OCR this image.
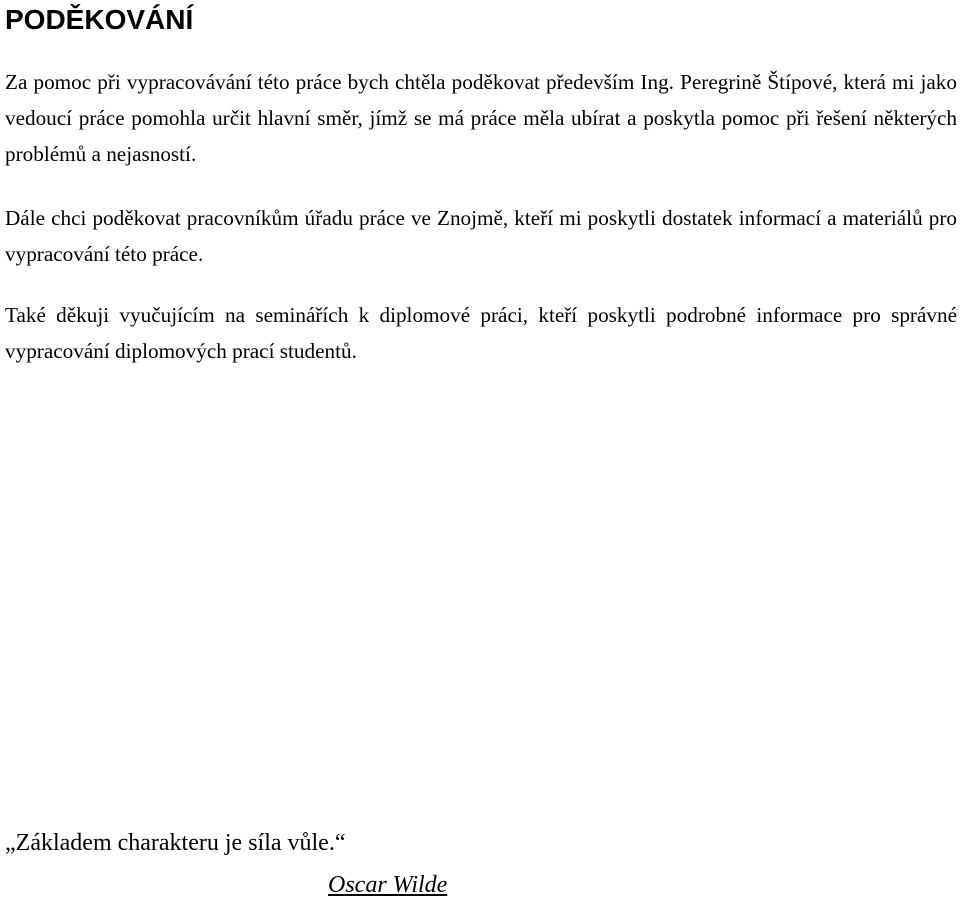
PODĚKOVÁNÍ

Za pomoc při vypracovávání této práce bych chtěla poděkovat především Ing. Peregrině Štípové, která mi jako vedoucí práce pomohla určit hlavní směr, jímž se má práce měla ubírat a poskytla pomoc při řešení některých problémů a nejasností.

Dále chci poděkovat pracovníkům úřadu práce ve Znojmě, kteří mi poskytli dostatek informací a materiálů pro vypracování této práce.

Také děkuji vyučujícím na seminářích k diplomové práci, kteří poskytli podrobné informace pro správné vypracování diplomových prací studentů.

„Základem charakteru je síla vůle.“

Oscar Wilde
